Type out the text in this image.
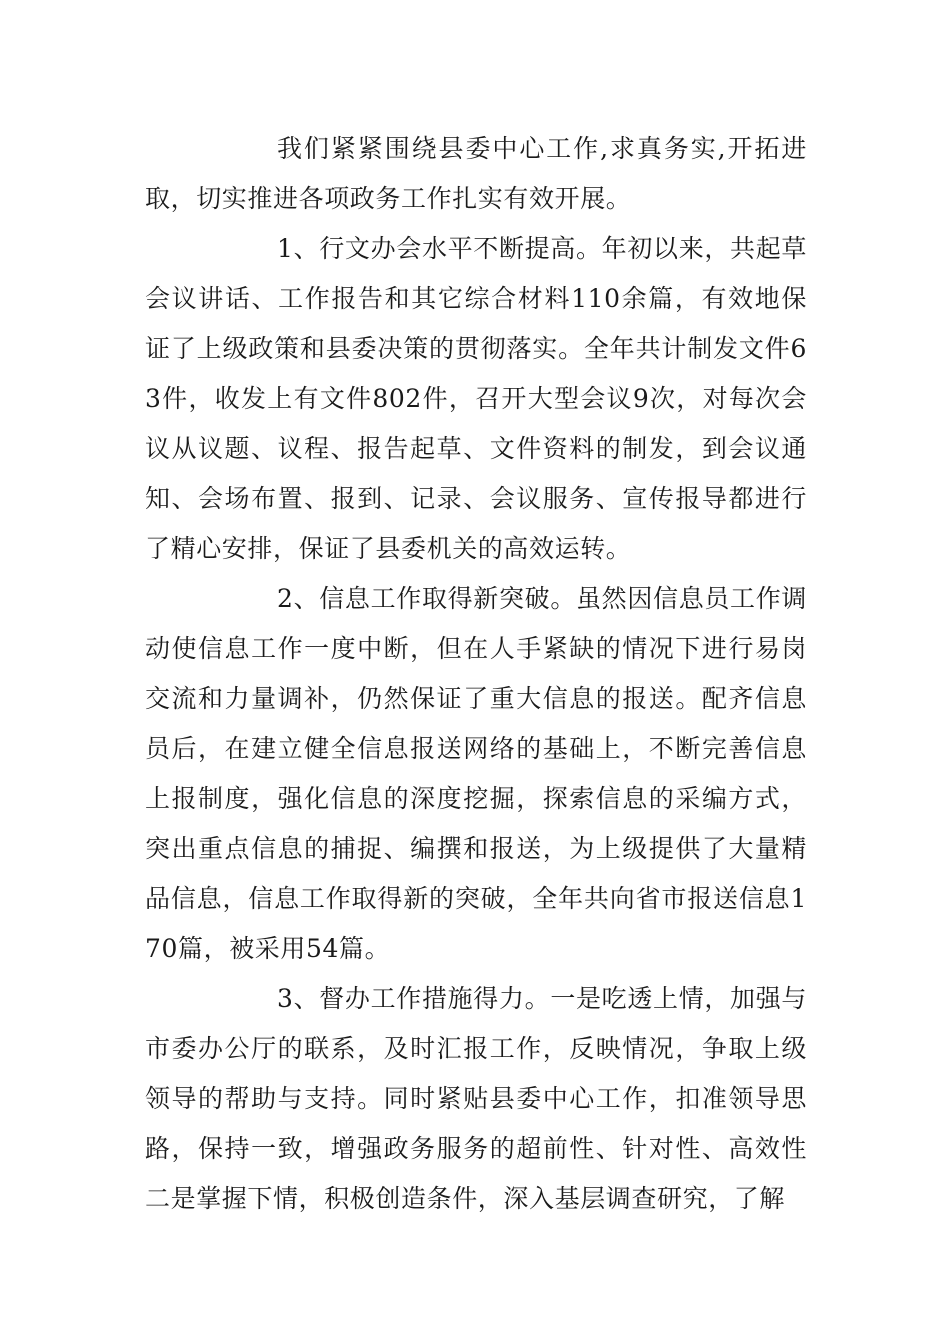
我们紧紧围绕县委中心工作,求真务实,开拓进取，切实推进各项政务工作扎实有效开展。

1、行文办会水平不断提高。年初以来，共起草会议讲话、工作报告和其它综合材料110余篇，有效地保证了上级政策和县委决策的贯彻落实。全年共计制发文件63件，收发上有文件802件，召开大型会议9次，对每次会议从议题、议程、报告起草、文件资料的制发，到会议通知、会场布置、报到、记录、会议服务、宣传报导都进行了精心安排，保证了县委机关的高效运转。

2、信息工作取得新突破。虽然因信息员工作调动使信息工作一度中断，但在人手紧缺的情况下进行易岗交流和力量调补，仍然保证了重大信息的报送。配齐信息员后，在建立健全信息报送网络的基础上，不断完善信息上报制度，强化信息的深度挖掘，探索信息的采编方式，突出重点信息的捕捉、编撰和报送，为上级提供了大量精品信息，信息工作取得新的突破，全年共向省市报送信息170篇，被采用54篇。

3、督办工作措施得力。一是吃透上情，加强与市委办公厅的联系，及时汇报工作，反映情况，争取上级领导的帮助与支持。同时紧贴县委中心工作，扣准领导思路，保持一致，增强政务服务的超前性、针对性、高效性二是掌握下情，积极创造条件，深入基层调查研究，了解
